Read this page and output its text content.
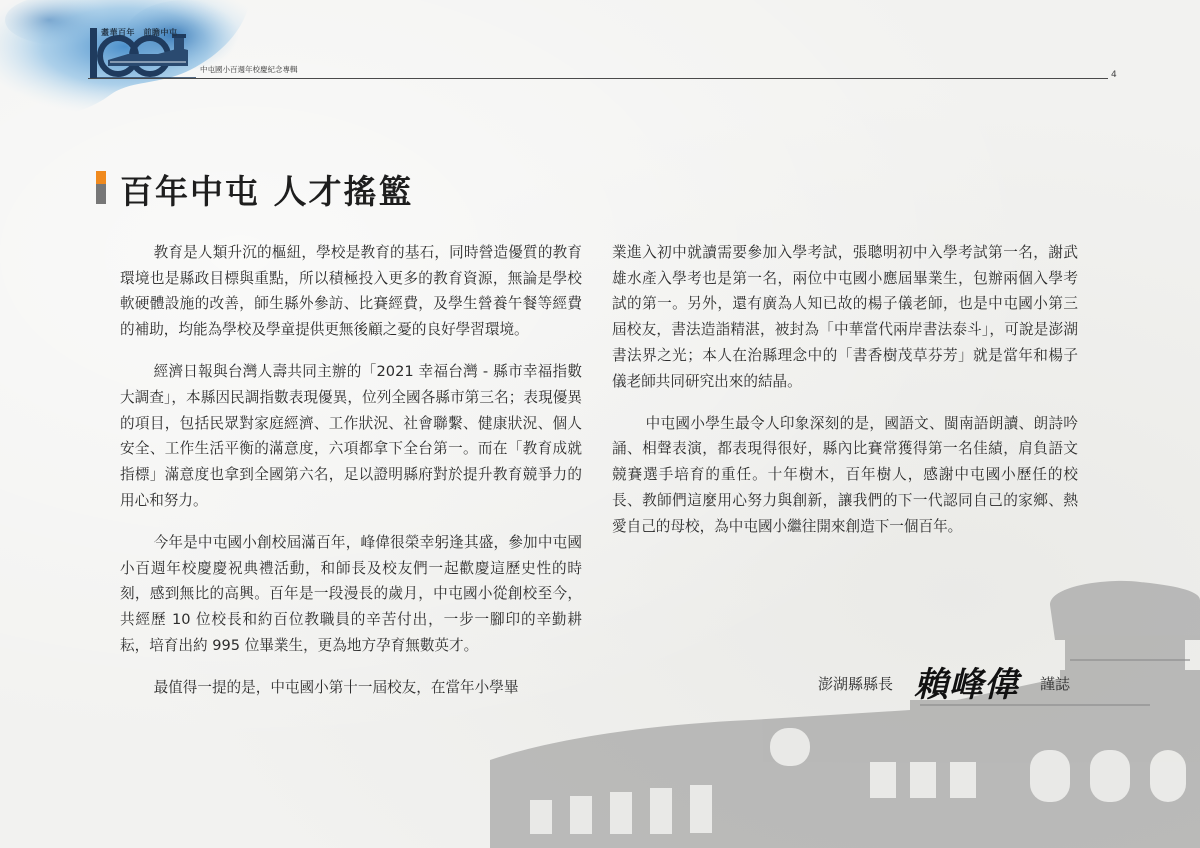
耋華百年　前瞻中屯
中屯國小百週年校慶紀念專輯
4
百年中屯 人才搖籃

教育是人類升沉的樞紐，學校是教育的基石，同時營造優質的教育環境也是縣政目標與重點，所以積極投入更多的教育資源，無論是學校軟硬體設施的改善，師生縣外參訪、比賽經費，及學生營養午餐等經費的補助，均能為學校及學童提供更無後顧之憂的良好學習環境。

經濟日報與台灣人壽共同主辦的「2021 幸福台灣 - 縣市幸福指數大調查」，本縣因民調指數表現優異，位列全國各縣市第三名；表現優異的項目，包括民眾對家庭經濟、工作狀況、社會聯繫、健康狀況、個人安全、工作生活平衡的滿意度，六項都拿下全台第一。而在「教育成就指標」滿意度也拿到全國第六名，足以證明縣府對於提升教育競爭力的用心和努力。

今年是中屯國小創校屆滿百年，峰偉很榮幸躬逢其盛，參加中屯國小百週年校慶慶祝典禮活動，和師長及校友們一起歡慶這歷史性的時刻，感到無比的高興。百年是一段漫長的歲月，中屯國小從創校至今，共經歷 10 位校長和約百位教職員的辛苦付出，一步一腳印的辛勤耕耘，培育出約 995 位畢業生，更為地方孕育無數英才。

最值得一提的是，中屯國小第十一屆校友，在當年小學畢

業進入初中就讀需要參加入學考試，張聰明初中入學考試第一名，謝武雄水產入學考也是第一名，兩位中屯國小應屆畢業生，包辦兩個入學考試的第一。另外，還有廣為人知已故的楊子儀老師，也是中屯國小第三屆校友，書法造詣精湛，被封為「中華當代兩岸書法泰斗」，可說是澎湖書法界之光；本人在治縣理念中的「書香樹茂草芬芳」就是當年和楊子儀老師共同研究出來的結晶。

中屯國小學生最令人印象深刻的是，國語文、閩南語朗讀、朗詩吟誦、相聲表演，都表現得很好，縣內比賽常獲得第一名佳績，肩負語文競賽選手培育的重任。十年樹木，百年樹人，感謝中屯國小歷任的校長、教師們這麼用心努力與創新，讓我們的下一代認同自己的家鄉、熱愛自己的母校，為中屯國小繼往開來創造下一個百年。

澎湖縣縣長 賴峰偉 謹誌
